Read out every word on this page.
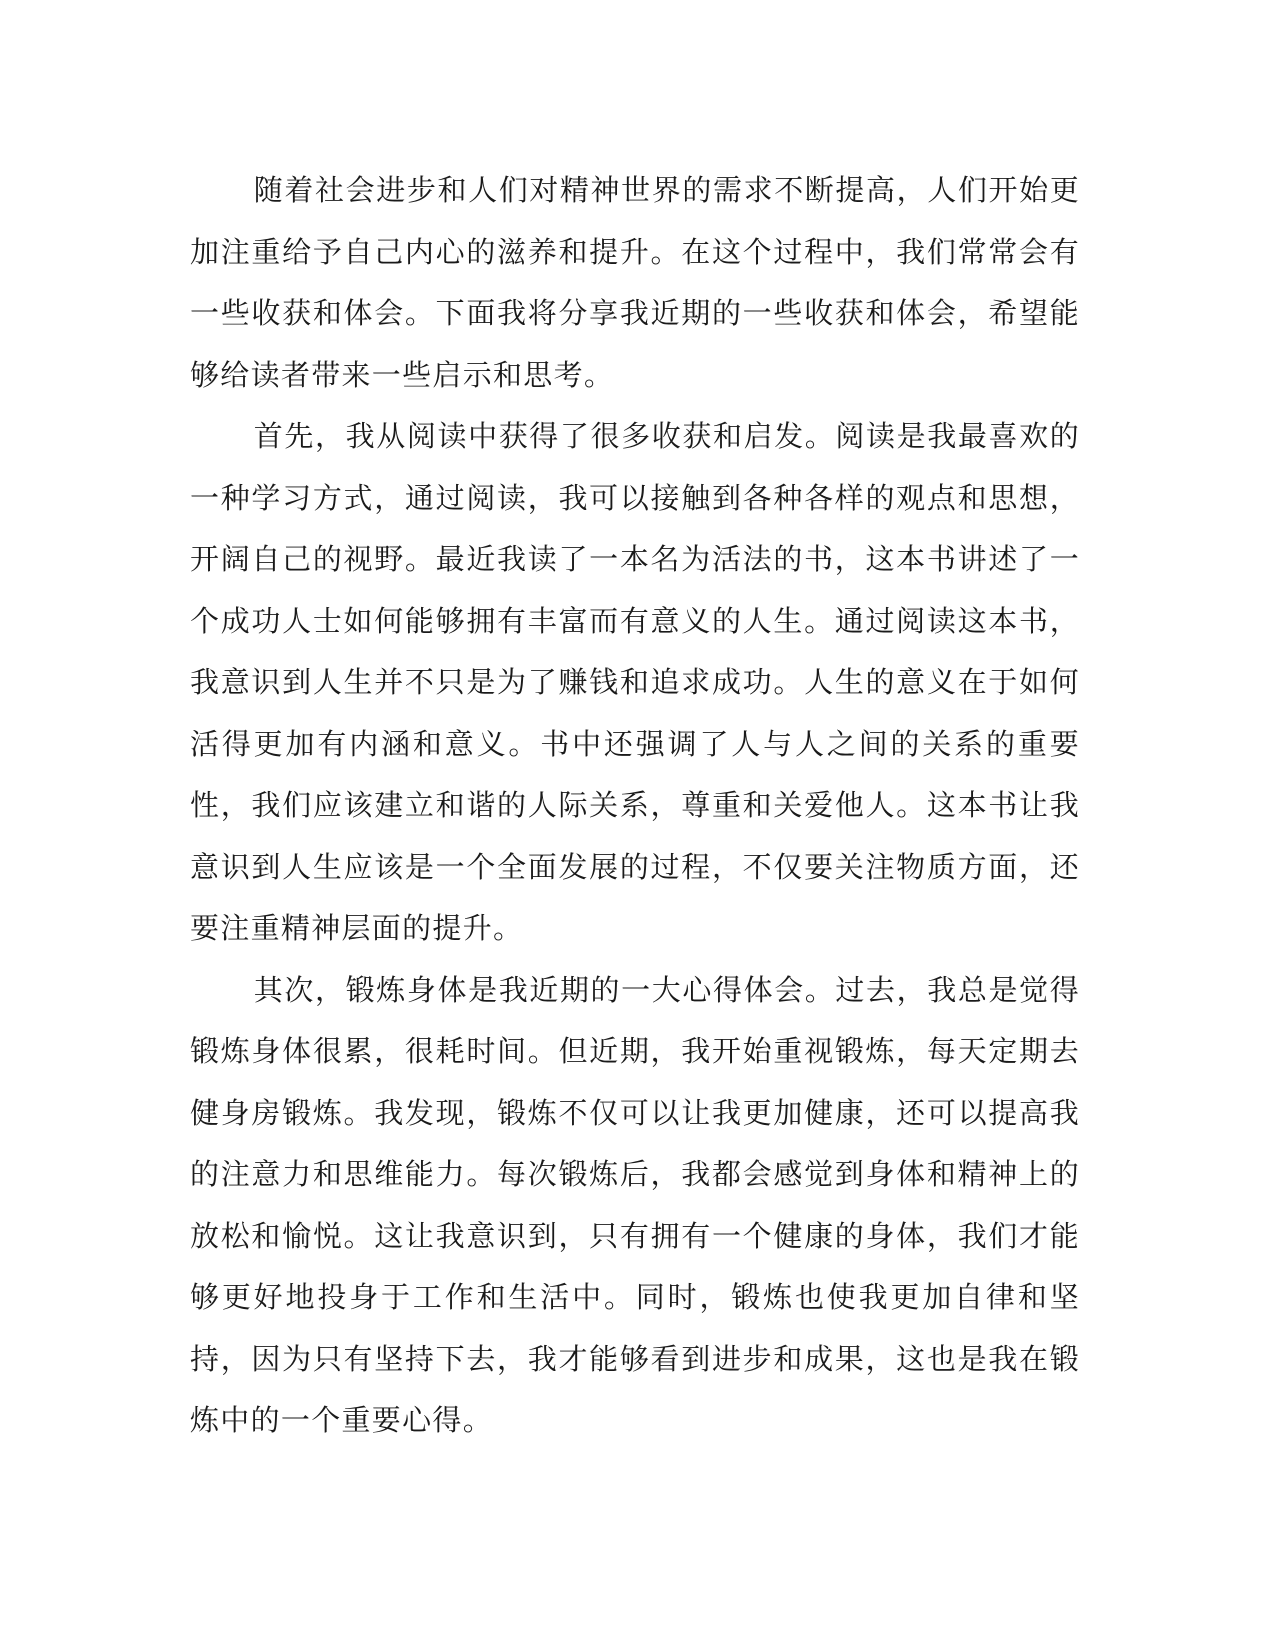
随着社会进步和人们对精神世界的需求不断提高，人们开始更加注重给予自己内心的滋养和提升。在这个过程中，我们常常会有一些收获和体会。下面我将分享我近期的一些收获和体会，希望能够给读者带来一些启示和思考。

首先，我从阅读中获得了很多收获和启发。阅读是我最喜欢的一种学习方式，通过阅读，我可以接触到各种各样的观点和思想，开阔自己的视野。最近我读了一本名为活法的书，这本书讲述了一个成功人士如何能够拥有丰富而有意义的人生。通过阅读这本书，我意识到人生并不只是为了赚钱和追求成功。人生的意义在于如何活得更加有内涵和意义。书中还强调了人与人之间的关系的重要性，我们应该建立和谐的人际关系，尊重和关爱他人。这本书让我意识到人生应该是一个全面发展的过程，不仅要关注物质方面，还要注重精神层面的提升。

其次，锻炼身体是我近期的一大心得体会。过去，我总是觉得锻炼身体很累，很耗时间。但近期，我开始重视锻炼，每天定期去健身房锻炼。我发现，锻炼不仅可以让我更加健康，还可以提高我的注意力和思维能力。每次锻炼后，我都会感觉到身体和精神上的放松和愉悦。这让我意识到，只有拥有一个健康的身体，我们才能够更好地投身于工作和生活中。同时，锻炼也使我更加自律和坚持，因为只有坚持下去，我才能够看到进步和成果，这也是我在锻炼中的一个重要心得。
